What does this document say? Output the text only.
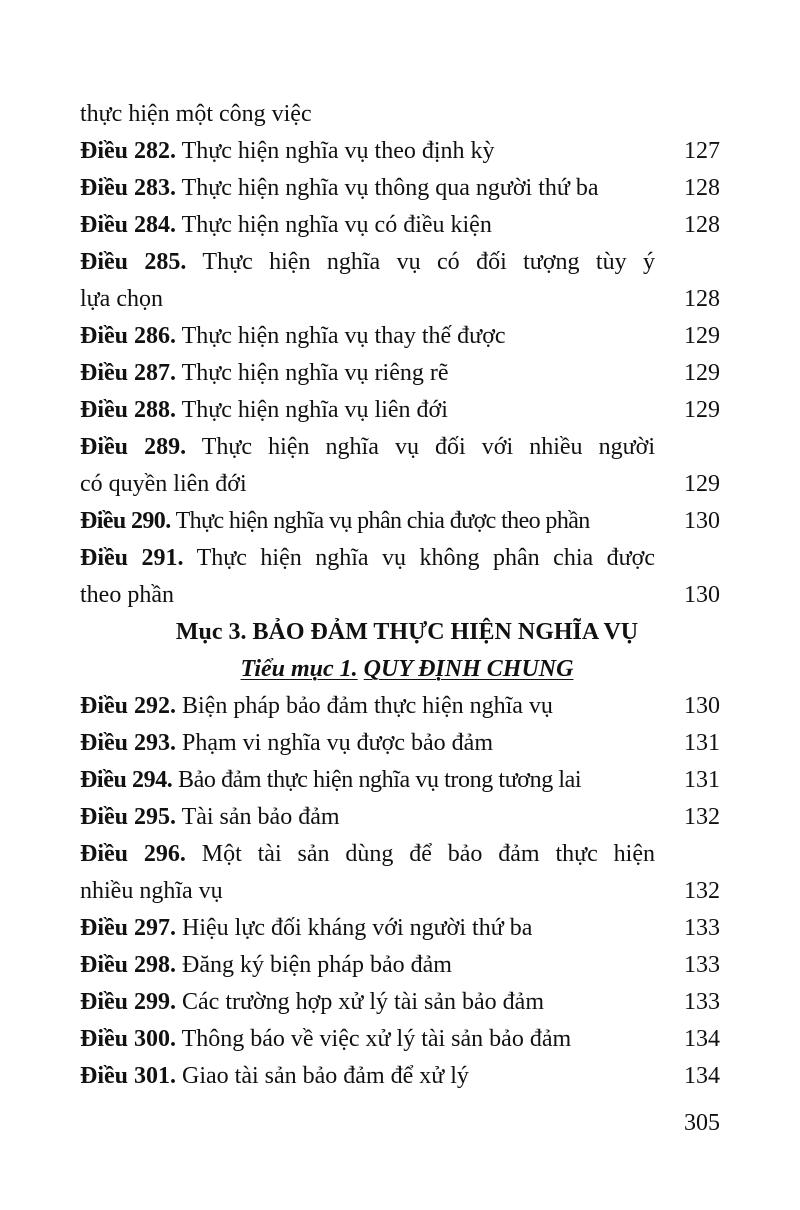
thực hiện một công việc
Điều 282. Thực hiện nghĩa vụ theo định kỳ	127
Điều 283. Thực hiện nghĩa vụ thông qua người thứ ba	128
Điều 284. Thực hiện nghĩa vụ có điều kiện	128
Điều 285. Thực hiện nghĩa vụ có đối tượng tùy ý
lựa chọn	128
Điều 286. Thực hiện nghĩa vụ thay thế được	129
Điều 287. Thực hiện nghĩa vụ riêng rẽ	129
Điều 288. Thực hiện nghĩa vụ liên đới	129
Điều 289. Thực hiện nghĩa vụ đối với nhiều người
có quyền liên đới	129
Điều 290. Thực hiện nghĩa vụ phân chia được theo phần	130
Điều 291. Thực hiện nghĩa vụ không phân chia được
theo phần	130
Mục 3. BẢO ĐẢM THỰC HIỆN NGHĨA VỤ
Tiểu mục 1. QUY ĐỊNH CHUNG
Điều 292. Biện pháp bảo đảm thực hiện nghĩa vụ	130
Điều 293. Phạm vi nghĩa vụ được bảo đảm	131
Điều 294. Bảo đảm thực hiện nghĩa vụ trong tương lai	131
Điều 295. Tài sản bảo đảm	132
Điều 296. Một tài sản dùng để bảo đảm thực hiện
nhiều nghĩa vụ	132
Điều 297. Hiệu lực đối kháng với người thứ ba	133
Điều 298. Đăng ký biện pháp bảo đảm	133
Điều 299. Các trường hợp xử lý tài sản bảo đảm	133
Điều 300. Thông báo về việc xử lý tài sản bảo đảm	134
Điều 301. Giao tài sản bảo đảm để xử lý	134
305
